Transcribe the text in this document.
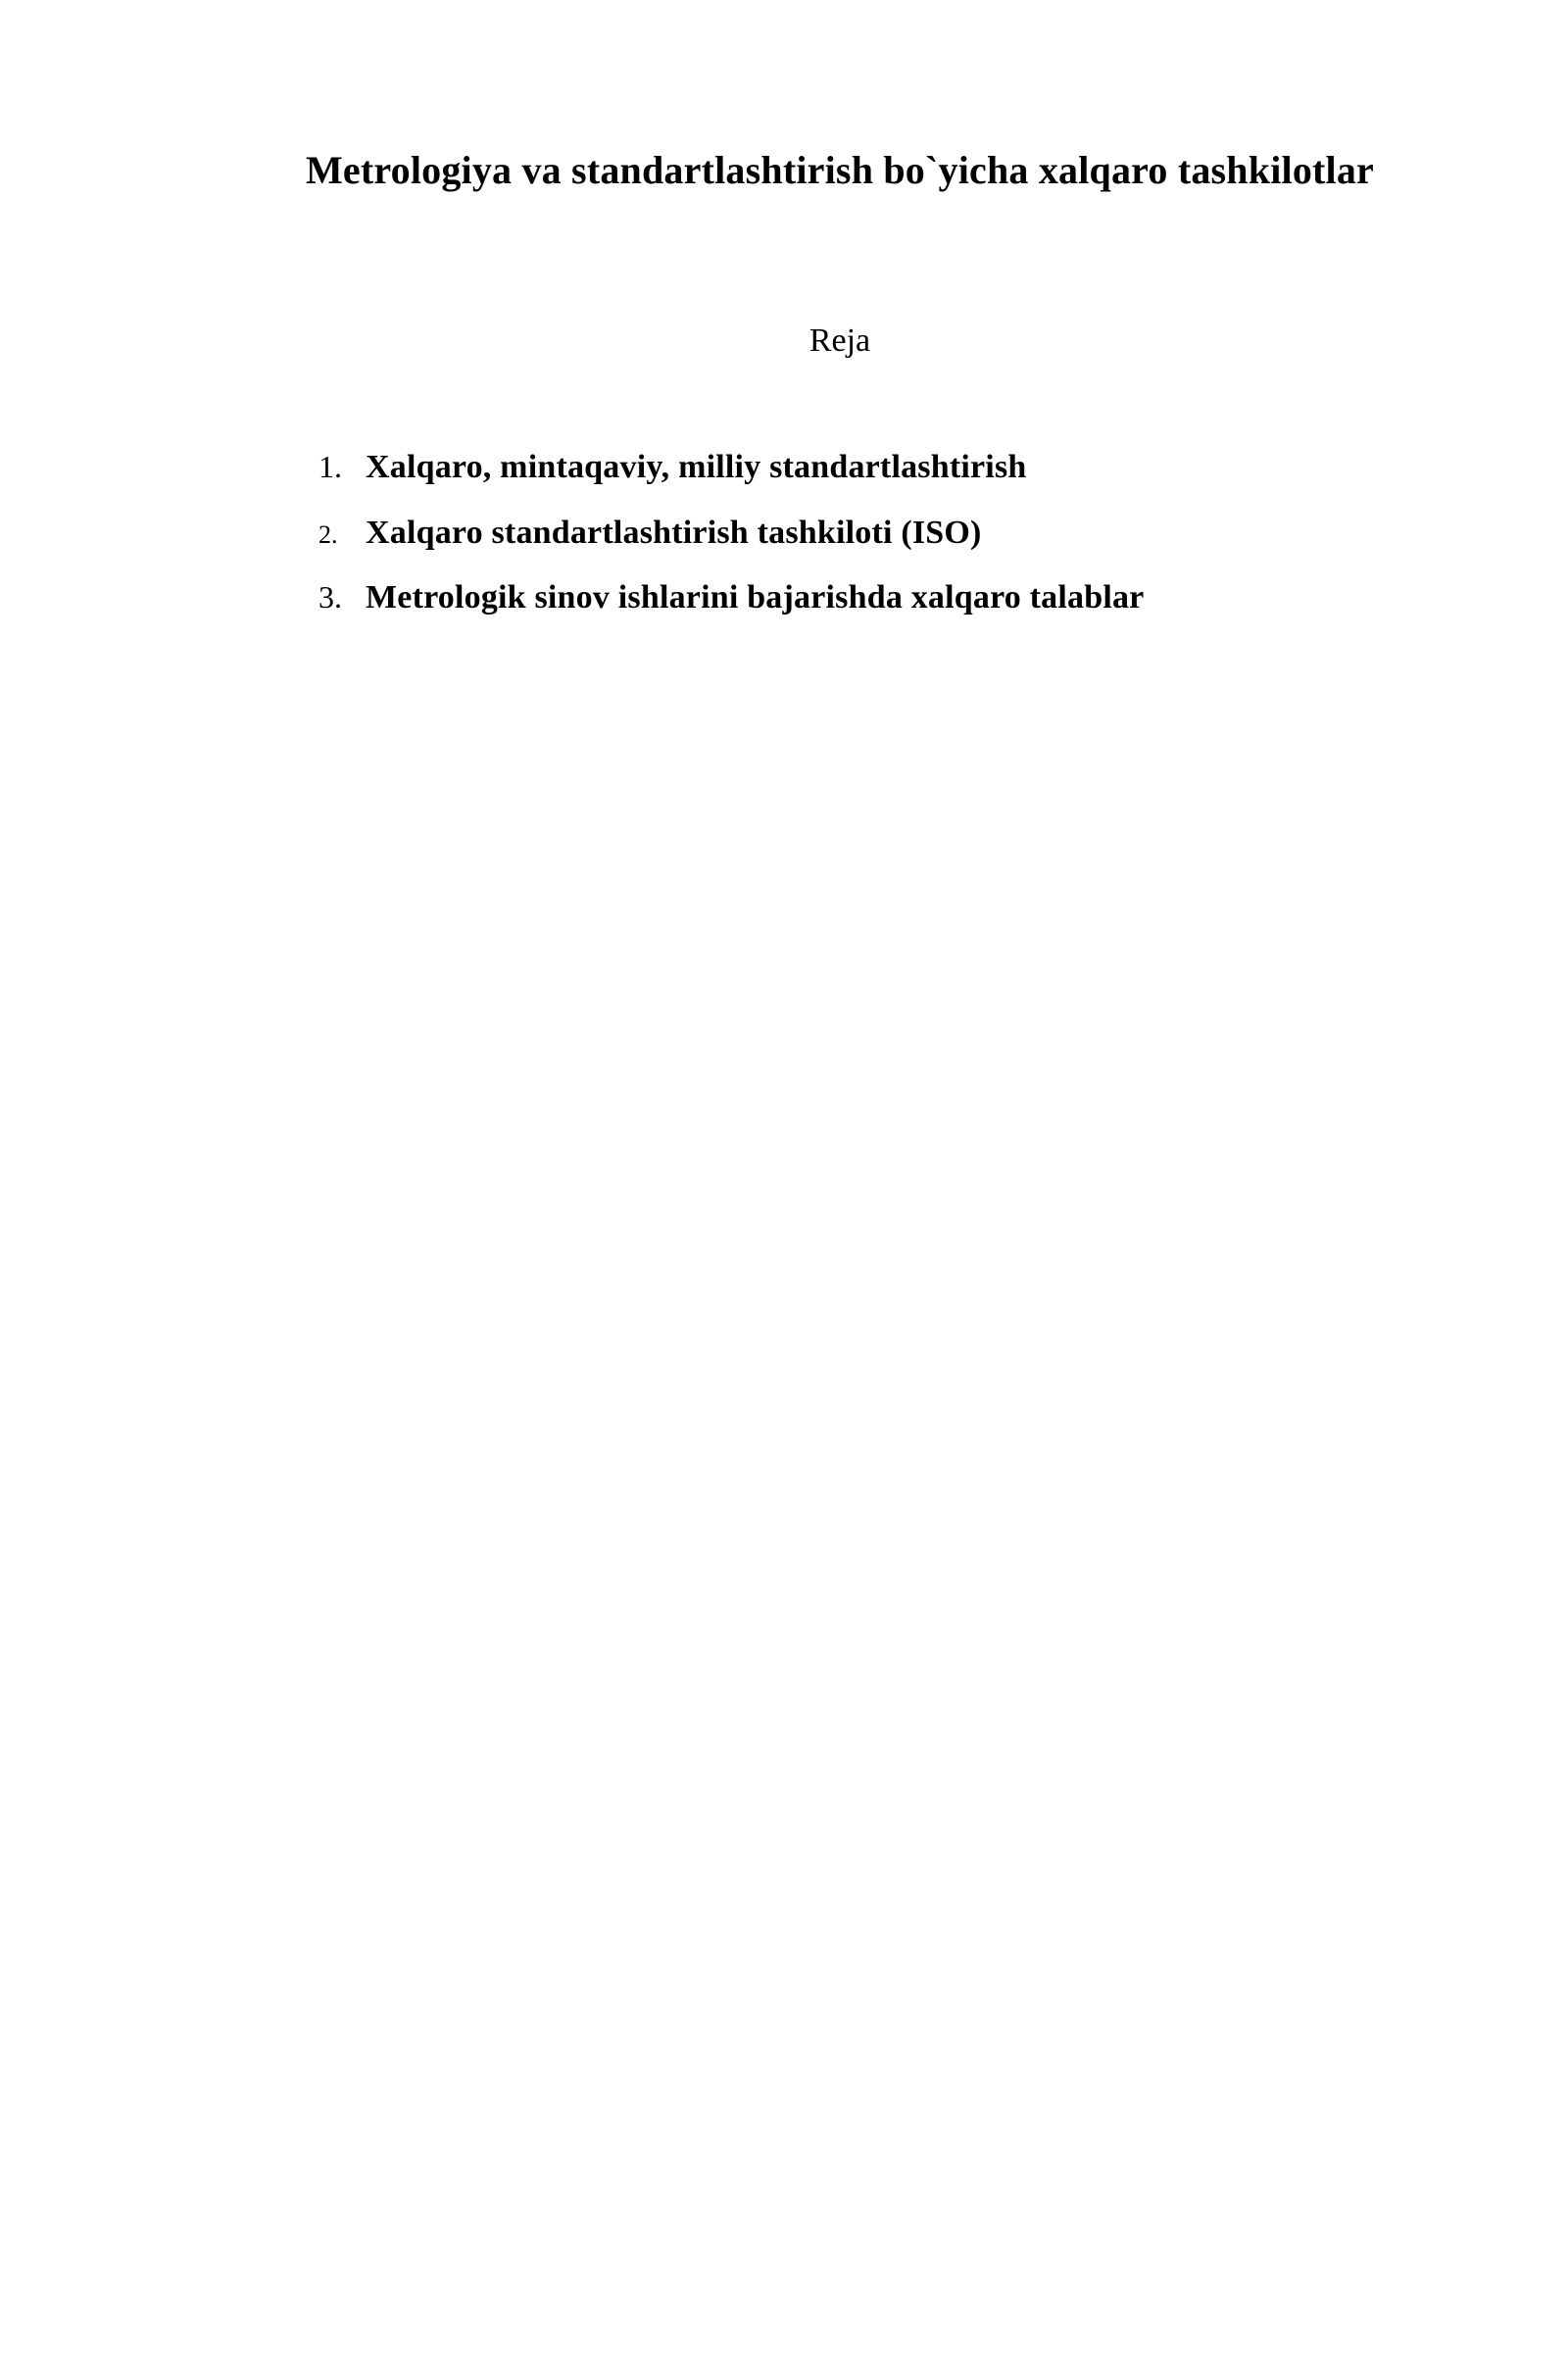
Metrologiya va standartlashtirish bo`yicha xalqaro tashkilotlar
Reja
1. Xalqaro, mintaqaviy, milliy standartlashtirish
2. Xalqaro standartlashtirish tashkiloti (ISO)
3. Metrologik sinov ishlarini bajarishda xalqaro talablar
